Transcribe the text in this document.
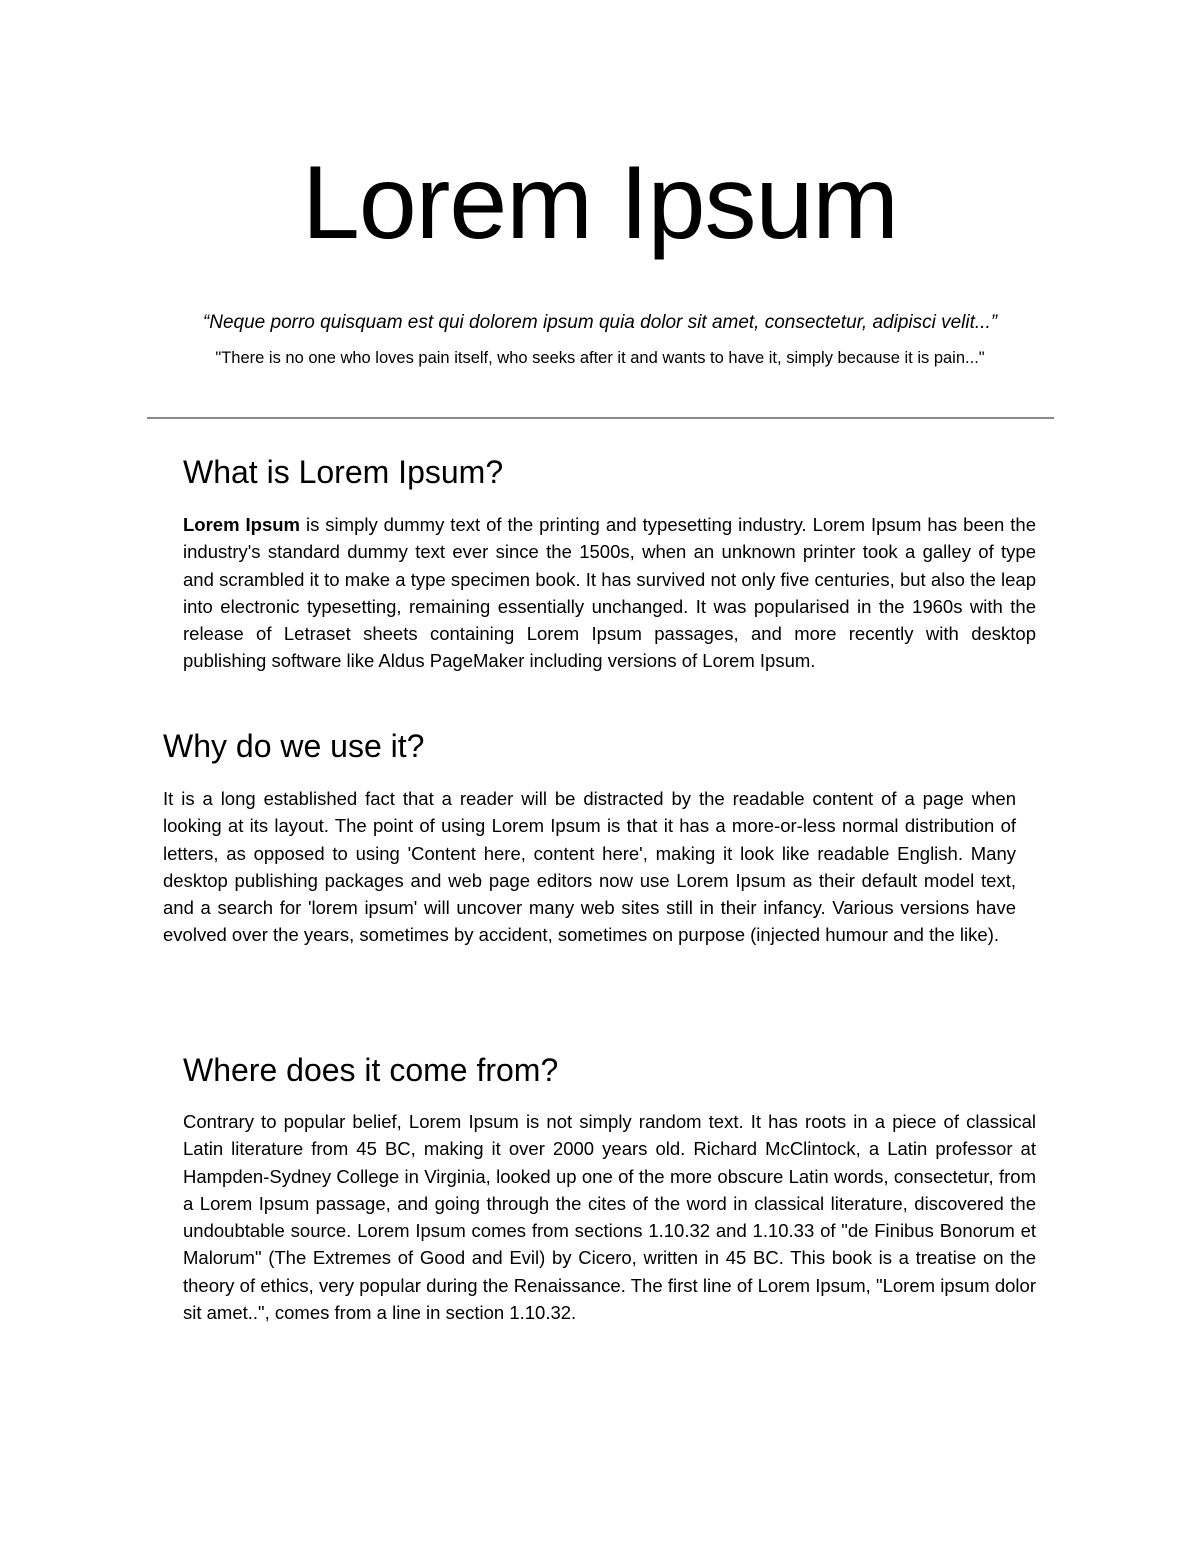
Lorem Ipsum

“Neque porro quisquam est qui dolorem ipsum quia dolor sit amet, consectetur, adipisci velit...”

"There is no one who loves pain itself, who seeks after it and wants to have it, simply because it is pain..."

What is Lorem Ipsum?

Lorem Ipsum is simply dummy text of the printing and typesetting industry. Lorem Ipsum has been the industry's standard dummy text ever since the 1500s, when an unknown printer took a galley of type and scrambled it to make a type specimen book. It has survived not only five centuries, but also the leap into electronic typesetting, remaining essentially unchanged. It was popularised in the 1960s with the release of Letraset sheets containing Lorem Ipsum passages, and more recently with desktop publishing software like Aldus PageMaker including versions of Lorem Ipsum.

Why do we use it?

It is a long established fact that a reader will be distracted by the readable content of a page when looking at its layout. The point of using Lorem Ipsum is that it has a more-or-less normal distribution of letters, as opposed to using 'Content here, content here', making it look like readable English. Many desktop publishing packages and web page editors now use Lorem Ipsum as their default model text, and a search for 'lorem ipsum' will uncover many web sites still in their infancy. Various versions have evolved over the years, sometimes by accident, sometimes on purpose (injected humour and the like).

Where does it come from?

Contrary to popular belief, Lorem Ipsum is not simply random text. It has roots in a piece of classical Latin literature from 45 BC, making it over 2000 years old. Richard McClintock, a Latin professor at Hampden-Sydney College in Virginia, looked up one of the more obscure Latin words, consectetur, from a Lorem Ipsum passage, and going through the cites of the word in classical literature, discovered the undoubtable source. Lorem Ipsum comes from sections 1.10.32 and 1.10.33 of "de Finibus Bonorum et Malorum" (The Extremes of Good and Evil) by Cicero, written in 45 BC. This book is a treatise on the theory of ethics, very popular during the Renaissance. The first line of Lorem Ipsum, "Lorem ipsum dolor sit amet..", comes from a line in section 1.10.32.
